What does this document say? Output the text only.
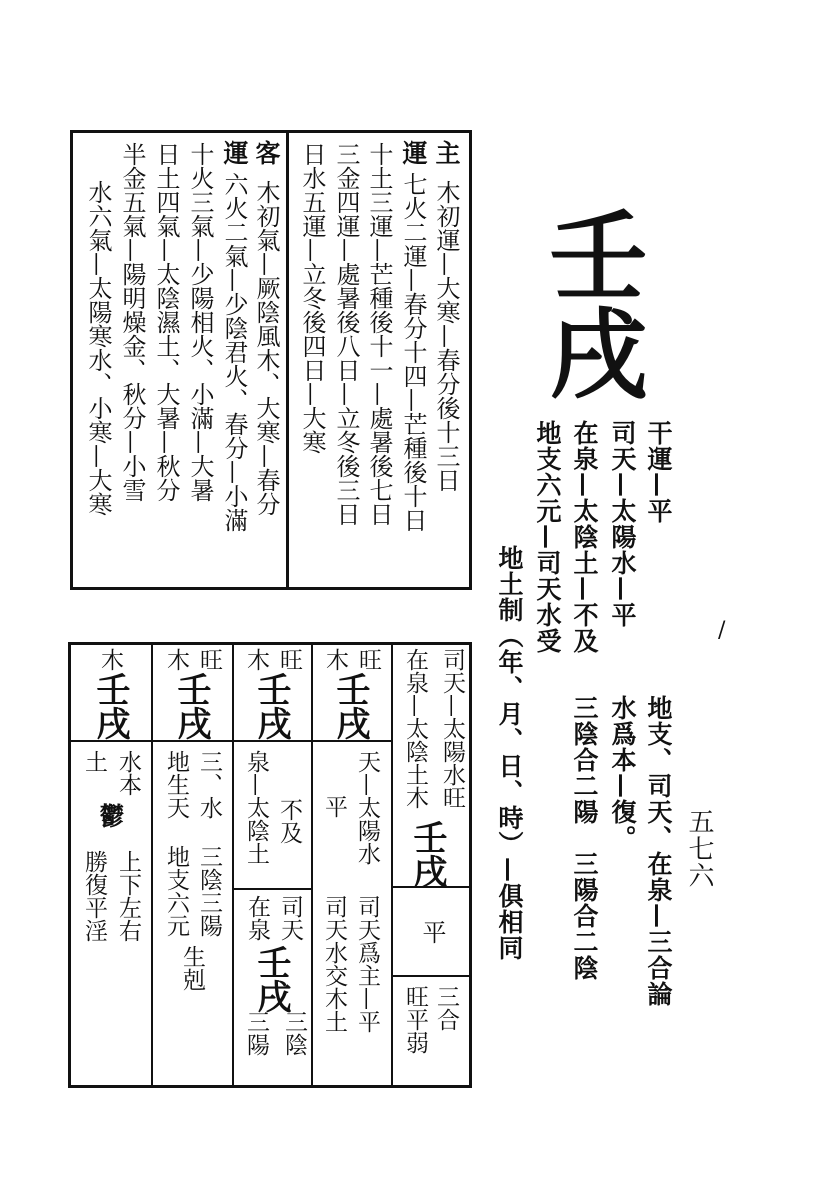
五七六
壬戌
干運—平
司天—太陽水—平
在泉—太陰土—不及
地支六元—司天水受
地土制（年、月、日、時）—俱相同	地支、司天、在泉—三合論
水爲本—復。
三陰合二陽　三陽合二陰
/
主
運
木初運—大寒—春分後十三日
七火二運—春分十四—芒種後十日
十土三運—芒種後十一—處暑後七日
三金四運—處暑後八日—立冬後三日
日水五運—立冬後四日—大寒
客
運
木初氣—厥陰風木、大寒—春分
六火二氣—少陰君火、春分—小滿
十火三氣—少陽相火、小滿—大暑
日土四氣—太陰濕土、大暑—秋分
半金五氣—陽明燥金、秋分—小雪
水六氣—太陽寒水、小寒—大寒
司天—太陽水旺
在泉—太陰土木
壬戌
平
三合
旺平弱
旺
木
壬戌
天—太陽水
平
司天爲主—平
司天水交木土
旺
木
壬戌
不及
泉—太陰土
司天
在泉
壬戌
三陰
三陽
旺
木
壬戌
三、水
地生天
三陰三陽
地支六元
生剋
木
壬戌
水本
土
鬱
上下左右
勝復平淫
